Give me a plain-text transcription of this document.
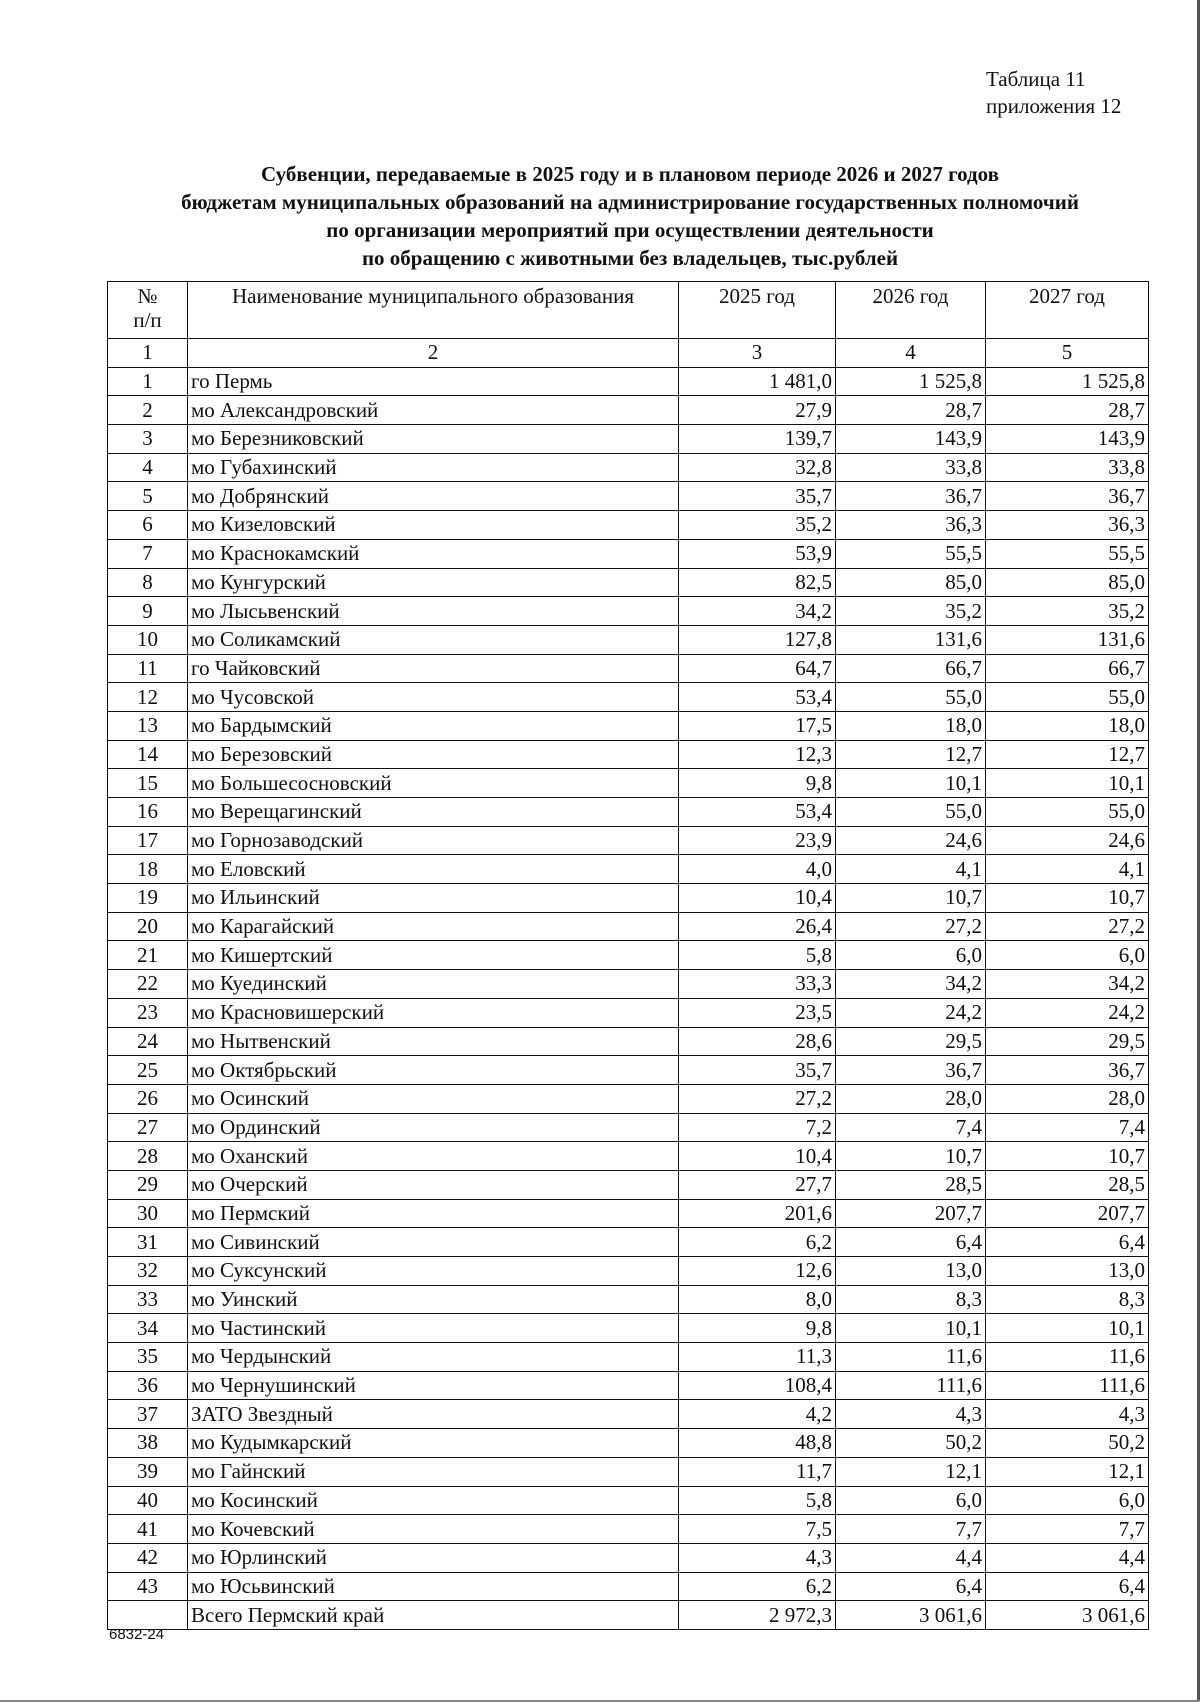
Таблица 11
приложения 12
Субвенции, передаваемые в 2025 году и в плановом периоде 2026 и 2027 годов
бюджетам муниципальных образований на администрирование государственных полномочий
по организации мероприятий при осуществлении деятельности
по обращению с животными без владельцев, тыс.рублей
№
п/п	Наименование муниципального образования	2025 год	2026 год	2027 год
1	2	3	4	5
1	го Пермь	1 481,0	1 525,8	1 525,8
2	мо Александровский	27,9	28,7	28,7
3	мо Березниковский	139,7	143,9	143,9
4	мо Губахинский	32,8	33,8	33,8
5	мо Добрянский	35,7	36,7	36,7
6	мо Кизеловский	35,2	36,3	36,3
7	мо Краснокамский	53,9	55,5	55,5
8	мо Кунгурский	82,5	85,0	85,0
9	мо Лысьвенский	34,2	35,2	35,2
10	мо Соликамский	127,8	131,6	131,6
11	го Чайковский	64,7	66,7	66,7
12	мо Чусовской	53,4	55,0	55,0
13	мо Бардымский	17,5	18,0	18,0
14	мо Березовский	12,3	12,7	12,7
15	мо Большесосновский	9,8	10,1	10,1
16	мо Верещагинский	53,4	55,0	55,0
17	мо Горнозаводский	23,9	24,6	24,6
18	мо Еловский	4,0	4,1	4,1
19	мо Ильинский	10,4	10,7	10,7
20	мо Карагайский	26,4	27,2	27,2
21	мо Кишертский	5,8	6,0	6,0
22	мо Куединский	33,3	34,2	34,2
23	мо Красновишерский	23,5	24,2	24,2
24	мо Нытвенский	28,6	29,5	29,5
25	мо Октябрьский	35,7	36,7	36,7
26	мо Осинский	27,2	28,0	28,0
27	мо Ординский	7,2	7,4	7,4
28	мо Оханский	10,4	10,7	10,7
29	мо Очерский	27,7	28,5	28,5
30	мо Пермский	201,6	207,7	207,7
31	мо Сивинский	6,2	6,4	6,4
32	мо Суксунский	12,6	13,0	13,0
33	мо Уинский	8,0	8,3	8,3
34	мо Частинский	9,8	10,1	10,1
35	мо Чердынский	11,3	11,6	11,6
36	мо Чернушинский	108,4	111,6	111,6
37	ЗАТО Звездный	4,2	4,3	4,3
38	мо Кудымкарский	48,8	50,2	50,2
39	мо Гайнский	11,7	12,1	12,1
40	мо Косинский	5,8	6,0	6,0
41	мо Кочевский	7,5	7,7	7,7
42	мо Юрлинский	4,3	4,4	4,4
43	мо Юсьвинский	6,2	6,4	6,4
	Всего Пермский край	2 972,3	3 061,6	3 061,6
6832-24
